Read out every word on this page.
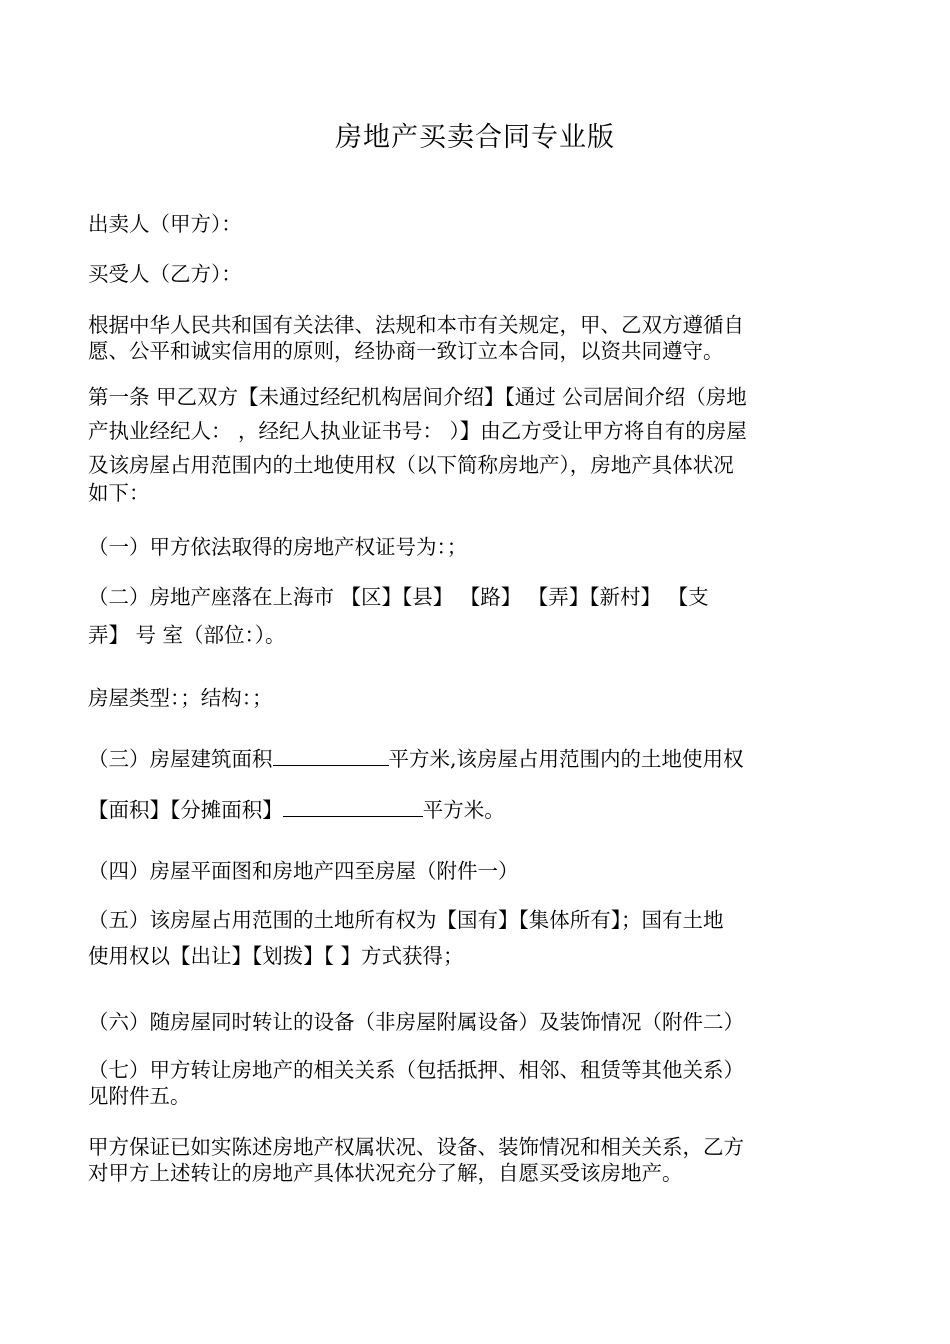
房地产买卖合同专业版
出卖人（甲方）：
买受人（乙方）：
根据中华人民共和国有关法律、法规和本市有关规定，甲、乙双方遵循自
愿、公平和诚实信用的原则，经协商一致订立本合同，以资共同遵守。
第一条 甲乙双方【未通过经纪机构居间介绍】【通过 公司居间介绍（房地
产执业经纪人： ，经纪人执业证书号： ）】由乙方受让甲方将自有的房屋
及该房屋占用范围内的土地使用权（以下简称房地产），房地产具体状况
如下：
（一）甲方依法取得的房地产权证号为：；
（二）房地产座落在上海市 【区】【县】 【路】 【弄】【新村】 【支
弄】 号 室（部位：）。
房屋类型：；结构：；
（三）房屋建筑面积	平方米,该房屋占用范围内的土地使用权
【面积】【分摊面积】	平方米。
（四）房屋平面图和房地产四至房屋（附件一）
（五）该房屋占用范围的土地所有权为【国有】【集体所有】；国有土地
使用权以【出让】【划拨】【 】方式获得；
（六）随房屋同时转让的设备（非房屋附属设备）及装饰情况（附件二）
（七）甲方转让房地产的相关关系（包括抵押、相邻、租赁等其他关系）
见附件五。
甲方保证已如实陈述房地产权属状况、设备、装饰情况和相关关系，乙方
对甲方上述转让的房地产具体状况充分了解，自愿买受该房地产。
